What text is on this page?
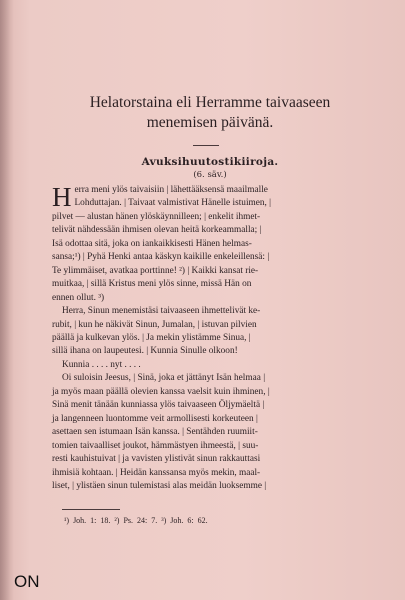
Helatorstaina eli Herramme taivaaseen
menemisen päivänä.
Avuksihuutostikiiroja.
(6. säv.)
H erra meni ylös taivaisiin | lähettääksensä maailmalle
Lohduttajan. | Taivaat valmistivat Hänelle istuimen, |
pilvet — alustan hänen ylöskäynnilleen; | enkelit ihmet-
telivät nähdessään ihmisen olevan heitä korkeammalla; |
Isä odottaa sitä, joka on iankaikkisesti Hänen helmas-
sansa;¹) | Pyhä Henki antaa käskyn kaikille enkeleillensä: |
Te ylimmäiset, avatkaa porttinne! ²) | Kaikki kansat rie-
muitkaa, | sillä Kristus meni ylös sinne, missä Hän on
ennen ollut. ³)
Herra, Sinun menemistäsi taivaaseen ihmettelivät ke-
rubit, | kun he näkivät Sinun, Jumalan, | istuvan pilvien
päällä ja kulkevan ylös. | Ja mekin ylistämme Sinua, |
sillä ihana on laupeutesi. | Kunnia Sinulle olkoon!
Kunnia . . . . nyt . . . .
Oi suloisin Jeesus, | Sinä, joka et jättänyt Isän helmaa |
ja myös maan päällä olevien kanssa vaelsit kuin ihminen, |
Sinä menit tänään kunniassa ylös taivaaseen Öljymäeltä |
ja langenneen luontomme veit armollisesti korkeuteen |
asettaen sen istumaan Isän kanssa. | Sentähden ruumiit-
tomien taivaalliset joukot, hämmästyen ihmeestä, | suu-
resti kauhistuivat | ja vavisten ylistivät sinun rakkauttasi
ihmisiä kohtaan. | Heidän kanssansa myös mekin, maal-
liset, | ylistäen sinun tulemistasi alas meidän luoksemme |
¹) Joh. 1: 18. ²) Ps. 24: 7. ³) Joh. 6: 62.
ON
